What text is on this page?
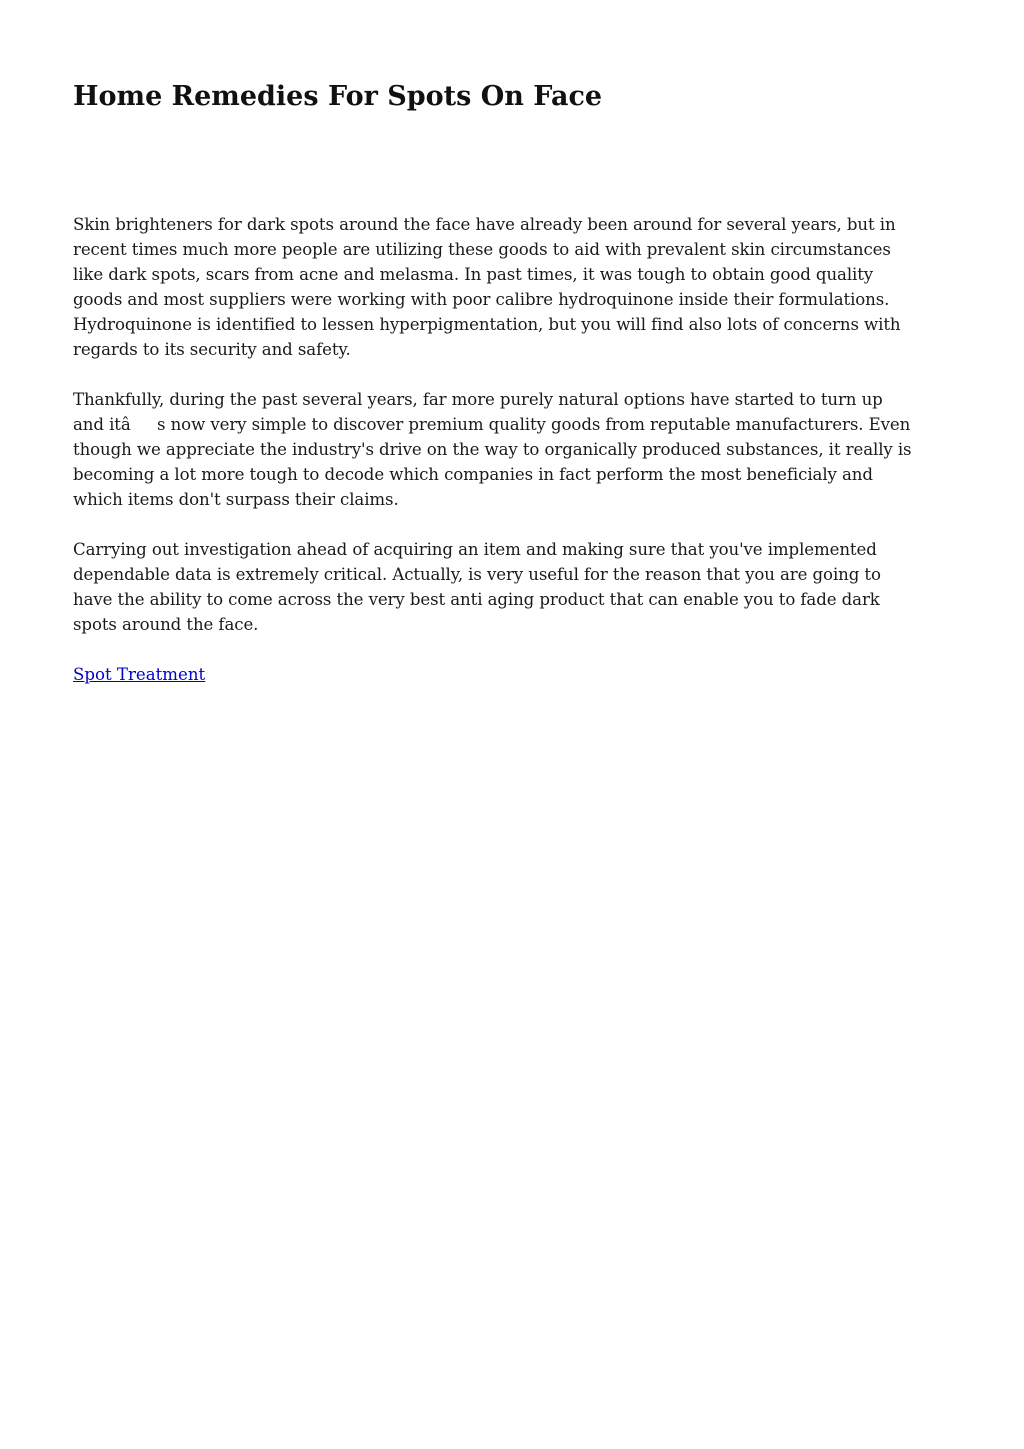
Home Remedies For Spots On Face

Skin brighteners for dark spots around the face have already been around for several years, but in
recent times much more people are utilizing these goods to aid with prevalent skin circumstances
like dark spots, scars from acne and melasma. In past times, it was tough to obtain good quality
goods and most suppliers were working with poor calibre hydroquinone inside their formulations.
Hydroquinone is identified to lessen hyperpigmentation, but you will find also lots of concerns with
regards to its security and safety.

Thankfully, during the past several years, far more purely natural options have started to turn up
and itâs now very simple to discover premium quality goods from reputable manufacturers. Even
though we appreciate the industry's drive on the way to organically produced substances, it really is
becoming a lot more tough to decode which companies in fact perform the most beneficialy and
which items don't surpass their claims.

Carrying out investigation ahead of acquiring an item and making sure that you've implemented
dependable data is extremely critical. Actually, is very useful for the reason that you are going to
have the ability to come across the very best anti aging product that can enable you to fade dark
spots around the face.

Spot Treatment
